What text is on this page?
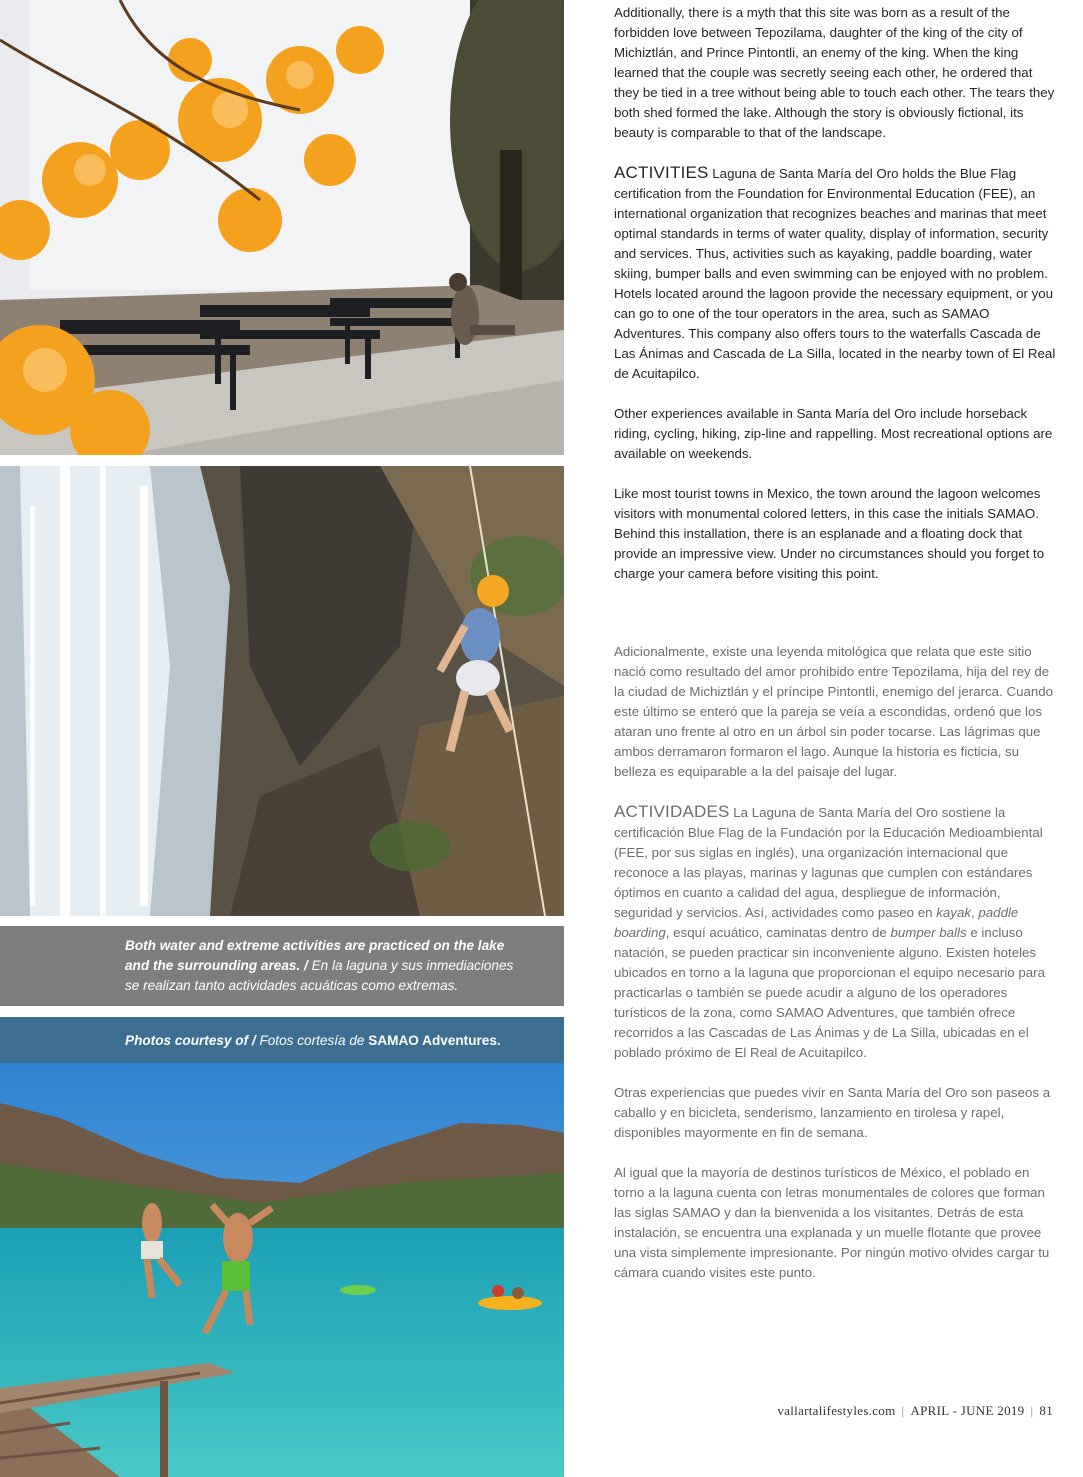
Both water and extreme activities are practiced on the lake and the surrounding areas. / En la laguna y sus inmediaciones se realizan tanto actividades acuáticas como extremas.

Photos courtesy of / Fotos cortesía de SAMAO Adventures.

Additionally, there is a myth that this site was born as a result of the forbidden love between Tepozilama, daughter of the king of the city of Michiztlán, and Prince Pintontli, an enemy of the king. When the king learned that the couple was secretly seeing each other, he ordered that they be tied in a tree without being able to touch each other. The tears they both shed formed the lake. Although the story is obviously fictional, its beauty is comparable to that of the landscape.

ACTIVITIES Laguna de Santa María del Oro holds the Blue Flag certification from the Foundation for Environmental Education (FEE), an international organization that recognizes beaches and marinas that meet optimal standards in terms of water quality, display of information, security and services. Thus, activities such as kayaking, paddle boarding, water skiing, bumper balls and even swimming can be enjoyed with no problem. Hotels located around the lagoon provide the necessary equipment, or you can go to one of the tour operators in the area, such as SAMAO Adventures. This company also offers tours to the waterfalls Cascada de Las Ánimas and Cascada de La Silla, located in the nearby town of El Real de Acuitapilco.

Other experiences available in Santa María del Oro include horseback riding, cycling, hiking, zip-line and rappelling. Most recreational options are available on weekends.

Like most tourist towns in Mexico, the town around the lagoon welcomes visitors with monumental colored letters, in this case the initials SAMAO. Behind this installation, there is an esplanade and a floating dock that provide an impressive view. Under no circumstances should you forget to charge your camera before visiting this point.

Adicionalmente, existe una leyenda mitológica que relata que este sitio nació como resultado del amor prohibido entre Tepozilama, hija del rey de la ciudad de Michiztlán y el príncipe Pintontli, enemigo del jerarca. Cuando este último se enteró que la pareja se veía a escondidas, ordenó que los ataran uno frente al otro en un árbol sin poder tocarse. Las lágrimas que ambos derramaron formaron el lago. Aunque la historia es ficticia, su belleza es equiparable a la del paisaje del lugar.

ACTIVIDADES La Laguna de Santa María del Oro sostiene la certificación Blue Flag de la Fundación por la Educación Medioambiental (FEE, por sus siglas en inglés), una organización internacional que reconoce a las playas, marinas y lagunas que cumplen con estándares óptimos en cuanto a calidad del agua, despliegue de información, seguridad y servicios. Así, actividades como paseo en kayak, paddle boarding, esquí acuático, caminatas dentro de bumper balls e incluso natación, se pueden practicar sin inconveniente alguno. Existen hoteles ubicados en torno a la laguna que proporcionan el equipo necesario para practicarlas o también se puede acudir a alguno de los operadores turísticos de la zona, como SAMAO Adventures, que también ofrece recorridos a las Cascadas de Las Ánimas y de La Silla, ubicadas en el poblado próximo de El Real de Acuitapilco.

Otras experiencias que puedes vivir en Santa María del Oro son paseos a caballo y en bicicleta, senderismo, lanzamiento en tirolesa y rapel, disponibles mayormente en fin de semana.

Al igual que la mayoría de destinos turísticos de México, el poblado en torno a la laguna cuenta con letras monumentales de colores que forman las siglas SAMAO y dan la bienvenida a los visitantes. Detrás de esta instalación, se encuentra una explanada y un muelle flotante que provee una vista simplemente impresionante. Por ningún motivo olvides cargar tu cámara cuando visites este punto.

vallartalifestyles.com | APRIL - JUNE 2019 | 81
